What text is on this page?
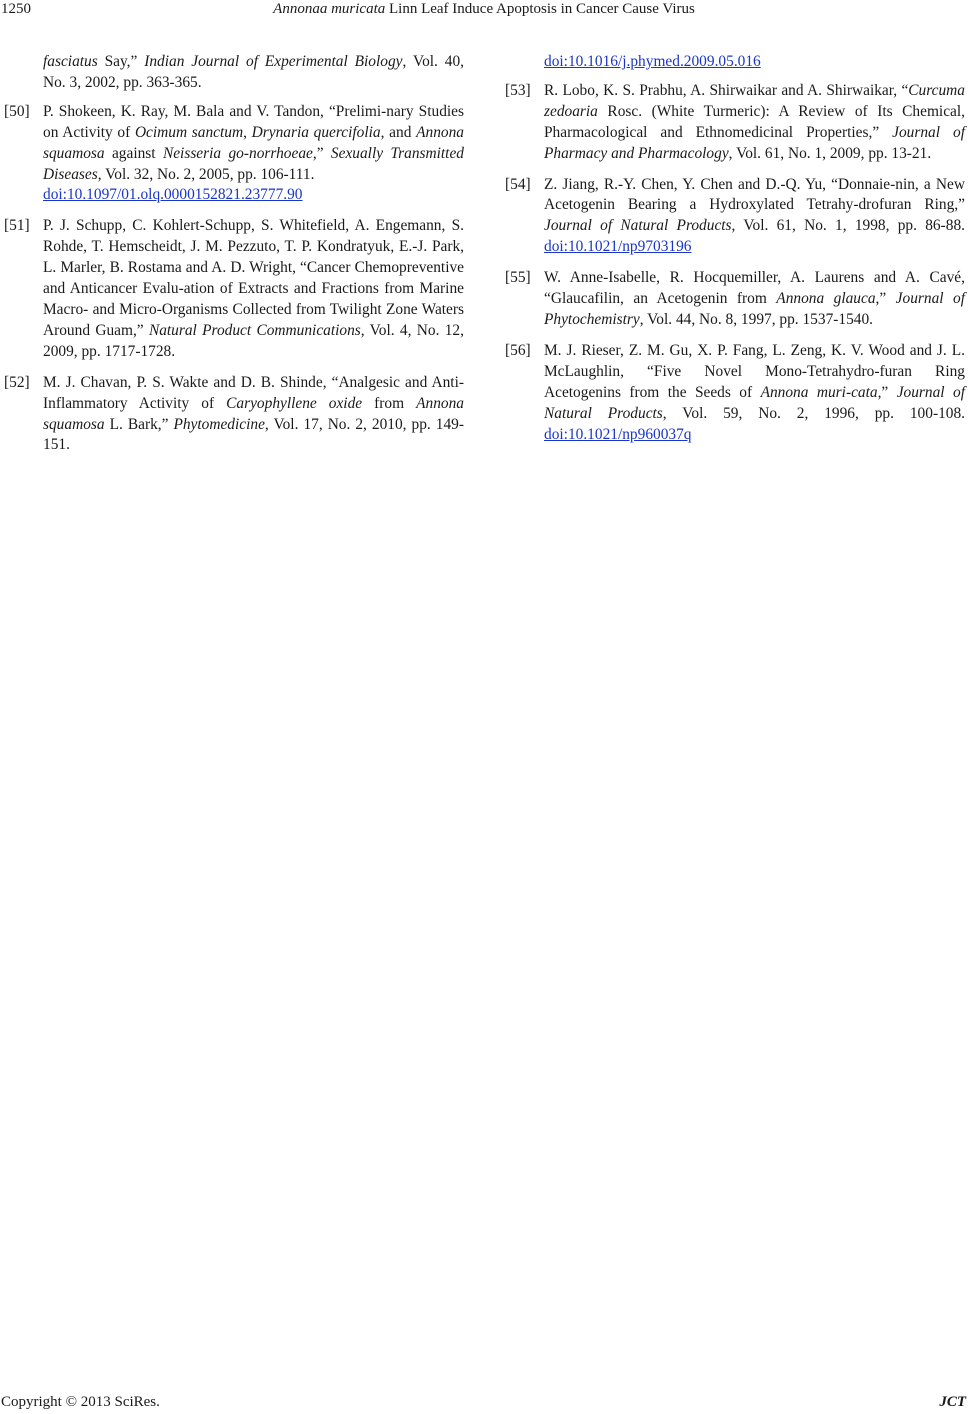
1250	Annonaa muricata Linn Leaf Induce Apoptosis in Cancer Cause Virus
fasciatus Say,” Indian Journal of Experimental Biology, Vol. 40, No. 3, 2002, pp. 363-365.
[50] P. Shokeen, K. Ray, M. Bala and V. Tandon, “Prelimi-nary Studies on Activity of Ocimum sanctum, Drynaria quercifolia, and Annona squamosa against Neisseria go-norrhoeae,” Sexually Transmitted Diseases, Vol. 32, No. 2, 2005, pp. 106-111.
doi:10.1097/01.olq.0000152821.23777.90
[51] P. J. Schupp, C. Kohlert-Schupp, S. Whitefield, A. Engemann, S. Rohde, T. Hemscheidt, J. M. Pezzuto, T. P. Kondratyuk, E.-J. Park, L. Marler, B. Rostama and A. D. Wright, “Cancer Chemopreventive and Anticancer Evalu-ation of Extracts and Fractions from Marine Macro- and Micro-Organisms Collected from Twilight Zone Waters Around Guam,” Natural Product Communications, Vol. 4, No. 12, 2009, pp. 1717-1728.
[52] M. J. Chavan, P. S. Wakte and D. B. Shinde, “Analgesic and Anti-Inflammatory Activity of Caryophyllene oxide from Annona squamosa L. Bark,” Phytomedicine, Vol. 17, No. 2, 2010, pp. 149-151.
doi:10.1016/j.phymed.2009.05.016
[53] R. Lobo, K. S. Prabhu, A. Shirwaikar and A. Shirwaikar, “Curcuma zedoaria Rosc. (White Turmeric): A Review of Its Chemical, Pharmacological and Ethnomedicinal Properties,” Journal of Pharmacy and Pharmacology, Vol. 61, No. 1, 2009, pp. 13-21.
[54] Z. Jiang, R.-Y. Chen, Y. Chen and D.-Q. Yu, “Donnaie-nin, a New Acetogenin Bearing a Hydroxylated Tetrahy-drofuran Ring,” Journal of Natural Products, Vol. 61, No. 1, 1998, pp. 86-88. doi:10.1021/np9703196
[55] W. Anne-Isabelle, R. Hocquemiller, A. Laurens and A. Cavé, “Glaucafilin, an Acetogenin from Annona glauca,” Journal of Phytochemistry, Vol. 44, No. 8, 1997, pp. 1537-1540.
[56] M. J. Rieser, Z. M. Gu, X. P. Fang, L. Zeng, K. V. Wood and J. L. McLaughlin, “Five Novel Mono-Tetrahydro-furan Ring Acetogenins from the Seeds of Annona muri-cata,” Journal of Natural Products, Vol. 59, No. 2, 1996, pp. 100-108. doi:10.1021/np960037q
Copyright © 2013 SciRes.	JCT
